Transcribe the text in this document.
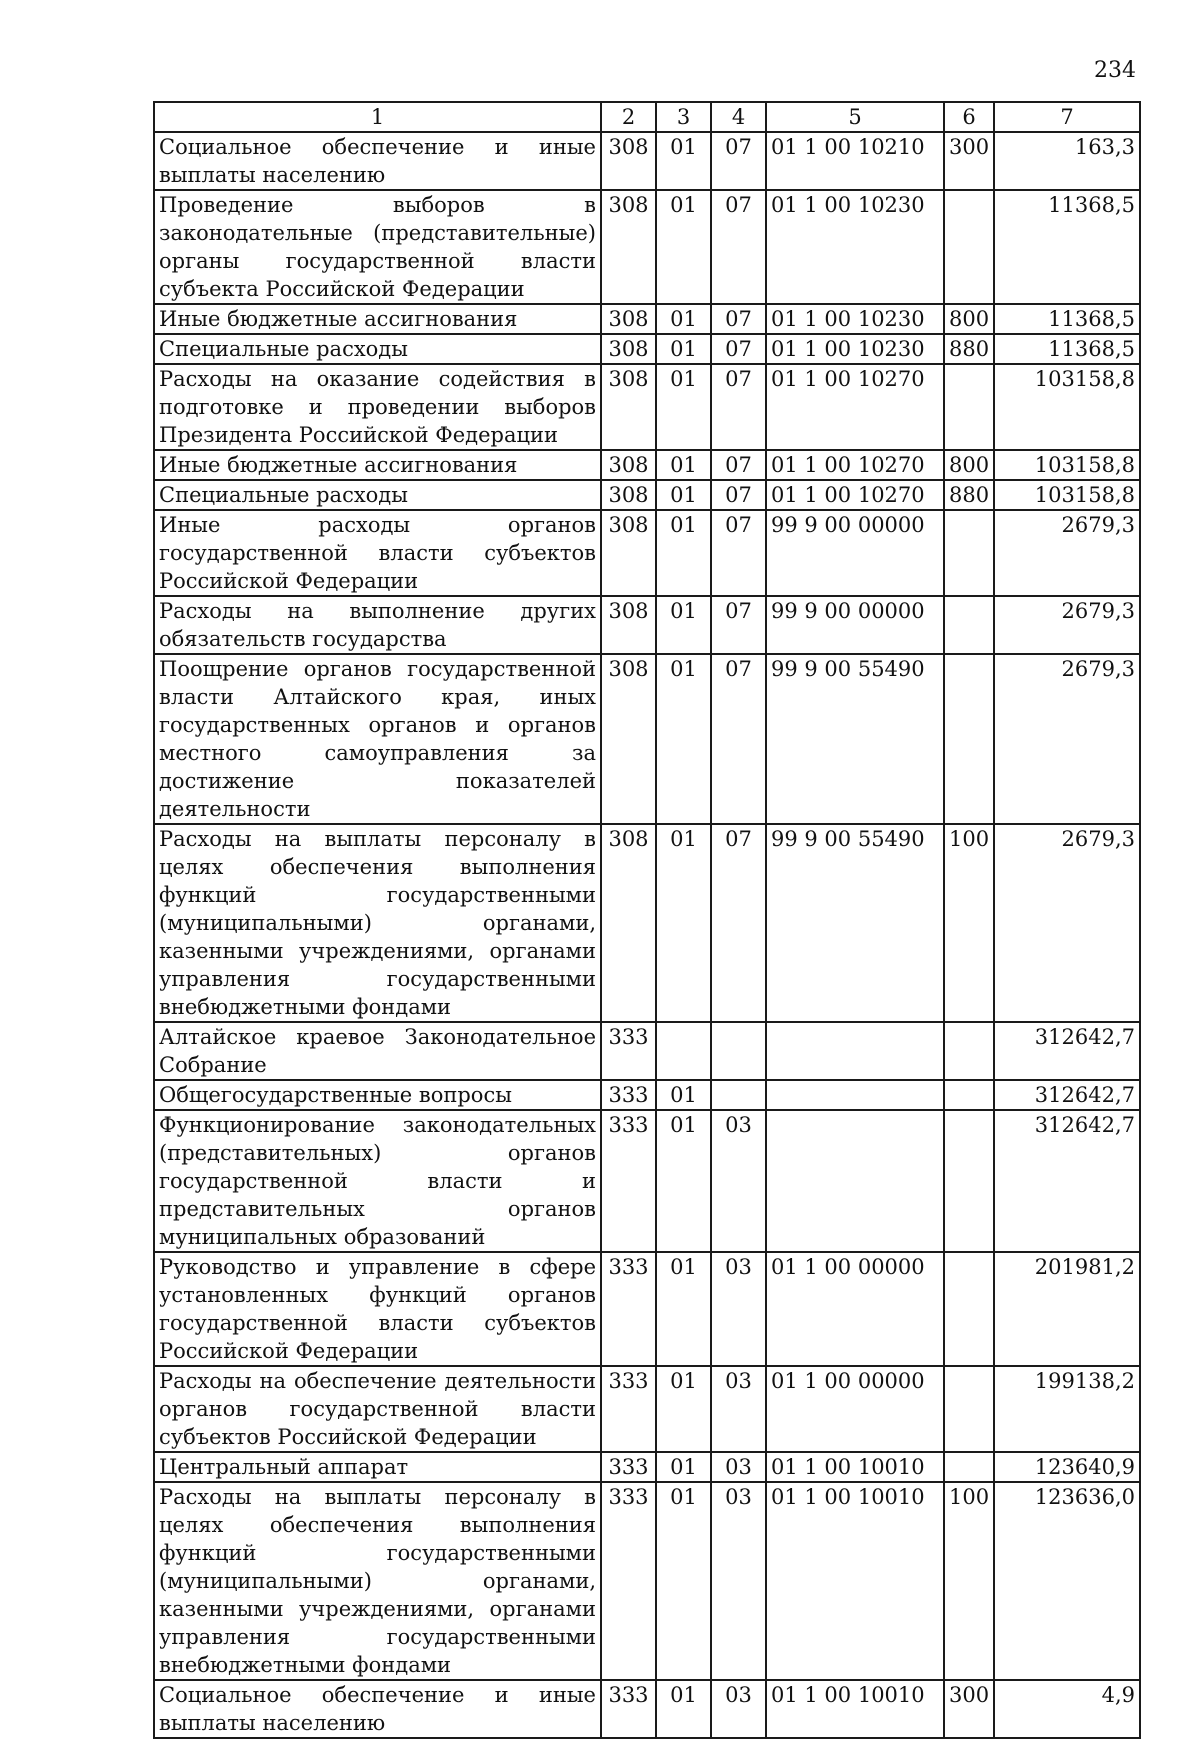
234
1	2	3	4	5	6	7
Социальное обеспечение и иные выплаты населению	308	01	07	01 1 00 10210	300	163,3
Проведение выборов в законодательные (представительные) органы государственной власти субъекта Российской Федерации	308	01	07	01 1 00 10230		11368,5
Иные бюджетные ассигнования	308	01	07	01 1 00 10230	800	11368,5
Специальные расходы	308	01	07	01 1 00 10230	880	11368,5
Расходы на оказание содействия в подготовке и проведении выборов Президента Российской Федерации	308	01	07	01 1 00 10270		103158,8
Иные бюджетные ассигнования	308	01	07	01 1 00 10270	800	103158,8
Специальные расходы	308	01	07	01 1 00 10270	880	103158,8
Иные расходы органов государственной власти субъектов Российской Федерации	308	01	07	99 9 00 00000		2679,3
Расходы на выполнение других обязательств государства	308	01	07	99 9 00 00000		2679,3
Поощрение органов государственной власти Алтайского края, иных государственных органов и органов местного самоуправления за достижение показателей деятельности	308	01	07	99 9 00 55490		2679,3
Расходы на выплаты персоналу в целях обеспечения выполнения функций государственными (муниципальными) органами, казенными учреждениями, органами управления государственными внебюджетными фондами	308	01	07	99 9 00 55490	100	2679,3
Алтайское краевое Законодательное Собрание	333					312642,7
Общегосударственные вопросы	333	01				312642,7
Функционирование законодательных (представительных) органов государственной власти и представительных органов муниципальных образований	333	01	03			312642,7
Руководство и управление в сфере установленных функций органов государственной власти субъектов Российской Федерации	333	01	03	01 1 00 00000		201981,2
Расходы на обеспечение деятельности органов государственной власти субъектов Российской Федерации	333	01	03	01 1 00 00000		199138,2
Центральный аппарат	333	01	03	01 1 00 10010		123640,9
Расходы на выплаты персоналу в целях обеспечения выполнения функций государственными (муниципальными) органами, казенными учреждениями, органами управления государственными внебюджетными фондами	333	01	03	01 1 00 10010	100	123636,0
Социальное обеспечение и иные выплаты населению	333	01	03	01 1 00 10010	300	4,9
